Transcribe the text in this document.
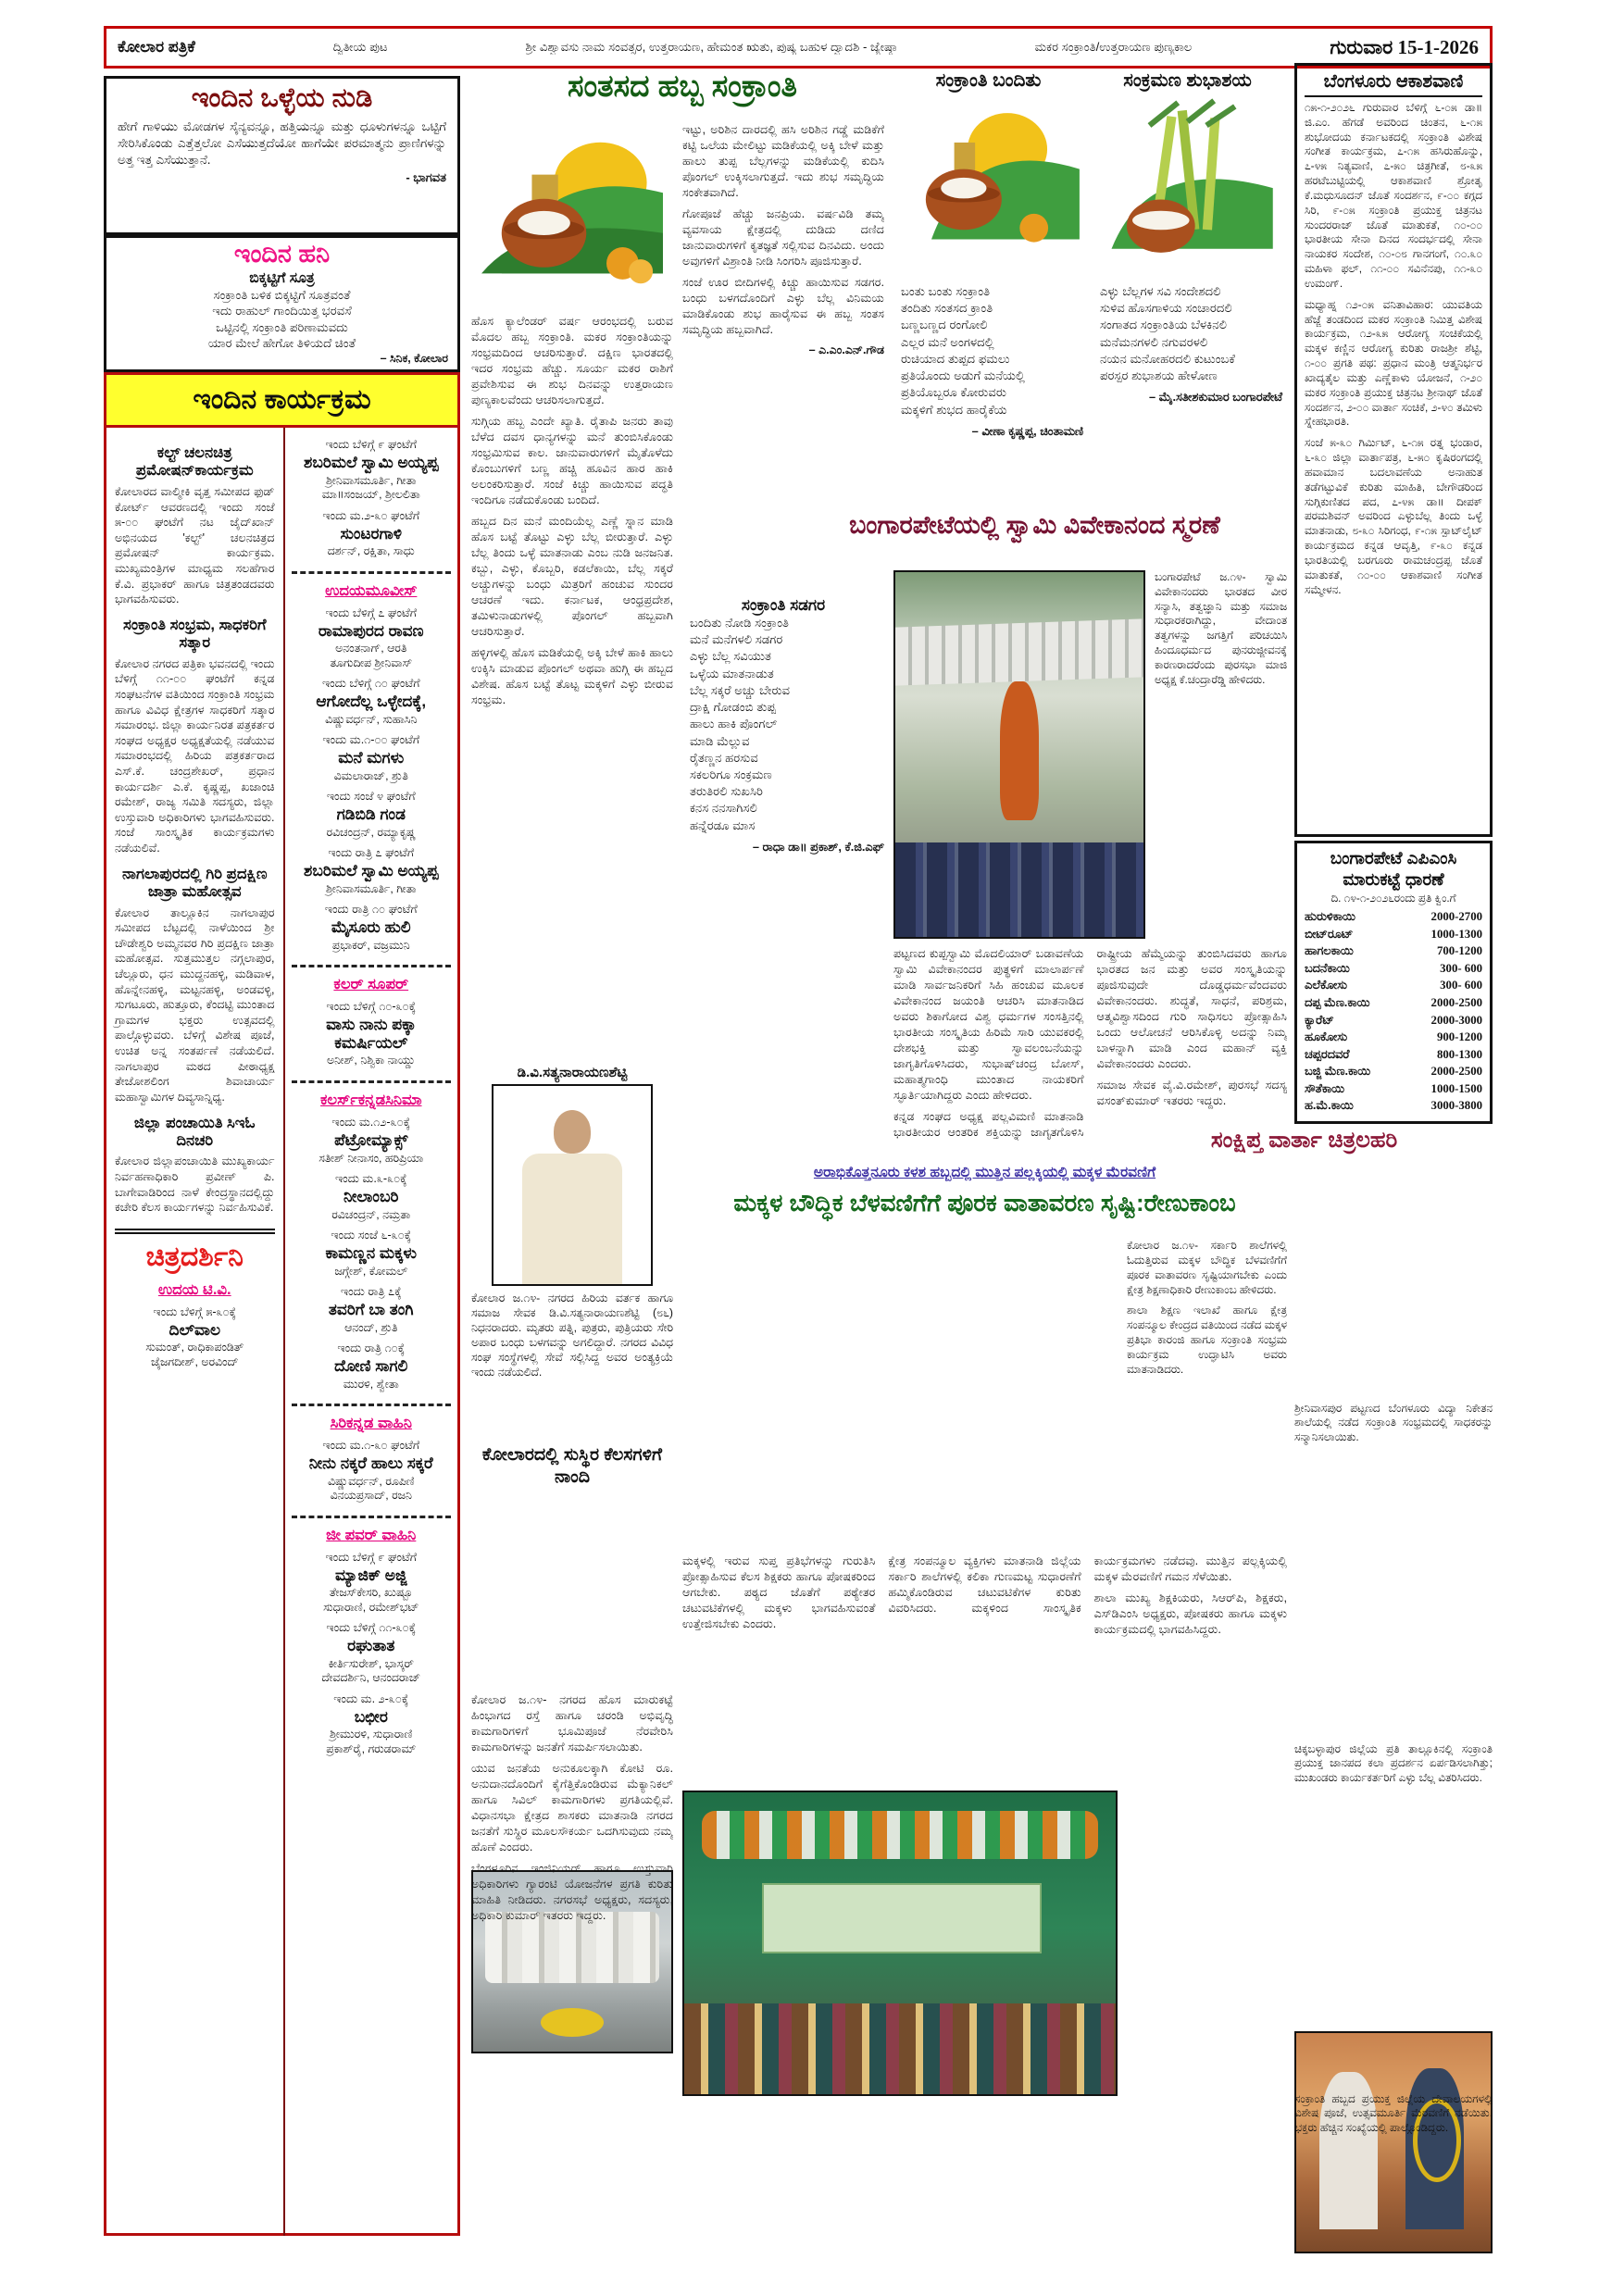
ಕೋಲಾರ ಪತ್ರಿಕೆ	ದ್ವಿತೀಯ ಪುಟ	ಶ್ರೀ ವಿಶ್ವಾವಸು ನಾಮ ಸಂವತ್ಸರ, ಉತ್ತರಾಯಣ, ಹೇಮಂತ ಋತು, ಪುಷ್ಯ ಬಹುಳ ದ್ವಾದಶಿ - ಜ್ಯೇಷ್ಠಾ	ಮಕರ ಸಂಕ್ರಾಂತಿ/ಉತ್ತರಾಯಣ ಪುಣ್ಯಕಾಲ	ಗುರುವಾರ 15-1-2026
ಇಂದಿನ ಒಳ್ಳೆಯ ನುಡಿ
ಹೇಗೆ ಗಾಳಿಯು ಮೋಡಗಳ ಸೈನ್ಯವನ್ನೂ, ಹತ್ತಿಯನ್ನೂ ಮತ್ತು ಧೂಳುಗಳನ್ನೂ ಒಟ್ಟಿಗೆ ಸೇರಿಸಿಕೊಂಡು ಎತ್ತೆತ್ತಲೋ ಎಸೆಯುತ್ತದೆಯೋ ಹಾಗೆಯೇ ಪರಮಾತ್ಮನು ಪ್ರಾಣಿಗಳನ್ನು ಅತ್ತ ಇತ್ತ ಎಸೆಯುತ್ತಾನೆ.
- ಭಾಗವತ
ಇಂದಿನ ಹನಿ
ಬಿಕ್ಕಟ್ಟಿಗೆ ಸೂತ್ರ
ಸಂಕ್ರಾಂತಿ ಬಳಿಕ ಬಿಕ್ಕಟ್ಟಿಗೆ ಸೂತ್ರವಂತೆ
ಇದು ರಾಹುಲ್ ಗಾಂದಿಯಿತ್ತ ಭರವಸೆ
ಒಟ್ಟಿನಲ್ಲಿ ಸಂಕ್ರಾಂತಿ ಪರಿಣಾಮವದು
ಯಾರ ಮೇಲೆ ಹೇಗೋ ತಿಳಿಯದೆ ಚಿಂತೆ
– ಸಿನಿಕ, ಕೋಲಾರ
ಇಂದಿನ ಕಾರ್ಯಕ್ರಮ
ಕಲ್ಟ್ ಚಲನಚಿತ್ರ ಪ್ರಮೋಷನ್‌ಕಾರ್ಯಕ್ರಮ
ಕೋಲಾರದ ವಾಲ್ಮೀಕಿ ವೃತ್ತ ಸಮೀಪದ ಫುಡ್ ಕೋರ್ಟ್ ಆವರಣದಲ್ಲಿ ಇಂದು ಸಂಜೆ ೫-೦೦ ಘಂಟೆಗೆ ನಟ ಜೈದ್‌ಖಾನ್ ಅಭಿನಯದ 'ಕಲ್ಟ್' ಚಲನಚಿತ್ರದ ಪ್ರಮೋಷನ್ ಕಾರ್ಯಕ್ರಮ. ಮುಖ್ಯಮಂತ್ರಿಗಳ ಮಾಧ್ಯಮ ಸಲಹೆಗಾರ ಕೆ.ವಿ. ಪ್ರಭಾಕರ್ ಹಾಗೂ ಚಿತ್ರತಂಡದವರು ಭಾಗವಹಿಸುವರು.
ಸಂಕ್ರಾಂತಿ ಸಂಭ್ರಮ, ಸಾಧಕರಿಗೆ ಸತ್ಕಾರ
ಕೋಲಾರ ನಗರದ ಪತ್ರಿಕಾ ಭವನದಲ್ಲಿ ಇಂದು ಬೆಳಿಗ್ಗೆ ೧೧-೦೦ ಘಂಟೆಗೆ ಕನ್ನಡ ಸಂಘಟನೆಗಳ ವತಿಯಿಂದ ಸಂಕ್ರಾಂತಿ ಸಂಭ್ರಮ ಹಾಗೂ ವಿವಿಧ ಕ್ಷೇತ್ರಗಳ ಸಾಧಕರಿಗೆ ಸತ್ಕಾರ ಸಮಾರಂಭ. ಜಿಲ್ಲಾ ಕಾರ್ಯನಿರತ ಪತ್ರಕರ್ತರ ಸಂಘದ ಅಧ್ಯಕ್ಷರ ಅಧ್ಯಕ್ಷತೆಯಲ್ಲಿ ನಡೆಯುವ ಸಮಾರಂಭದಲ್ಲಿ ಹಿರಿಯ ಪತ್ರಕರ್ತರಾದ ಎಸ್.ಕೆ. ಚಂದ್ರಶೇಖರ್, ಪ್ರಧಾನ ಕಾರ್ಯದರ್ಶಿ ಎ.ಕೆ. ಕೃಷ್ಣಪ್ಪ, ಖಜಾಂಚಿ ರಮೇಶ್, ರಾಜ್ಯ ಸಮಿತಿ ಸದಸ್ಯರು, ಜಿಲ್ಲಾ ಉಸ್ತುವಾರಿ ಅಧಿಕಾರಿಗಳು ಭಾಗವಹಿಸುವರು. ಸಂಜೆ ಸಾಂಸ್ಕೃತಿಕ ಕಾರ್ಯಕ್ರಮಗಳು ನಡೆಯಲಿವೆ.
ನಾಗಲಾಪುರದಲ್ಲಿ ಗಿರಿ ಪ್ರದಕ್ಷಿಣ ಜಾತ್ರಾ ಮಹೋತ್ಸವ
ಕೋಲಾರ ತಾಲ್ಲೂಕಿನ ನಾಗಲಾಪುರ ಸಮೀಪದ ಬೆಟ್ಟದಲ್ಲಿ ನಾಳೆಯಿಂದ ಶ್ರೀ ಚೌಡೇಶ್ವರಿ ಅಮ್ಮನವರ ಗಿರಿ ಪ್ರದಕ್ಷಿಣ ಜಾತ್ರಾ ಮಹೋತ್ಸವ. ಸುತ್ತಮುತ್ತಲ ನಗ್ಗಲಾಪುರ, ಚೆಲ್ಲೂರು, ಧನ ಮುದ್ದನಹಳ್ಳಿ, ಮಡಿವಾಳ, ಹೊನ್ನೇನಹಳ್ಳಿ, ಮಟ್ಟನಹಳ್ಳಿ, ಅಂಡವಳ್ಳಿ, ಸುಗಟೂರು, ಹುತ್ತೂರು, ಕೆಂದಟ್ಟಿ ಮುಂತಾದ ಗ್ರಾಮಗಳ ಭಕ್ತರು ಉತ್ಸವದಲ್ಲಿ ಪಾಲ್ಗೊಳ್ಳುವರು. ಬೆಳಿಗ್ಗೆ ವಿಶೇಷ ಪೂಜೆ, ಉಚಿತ ಅನ್ನ ಸಂತರ್ಪಣೆ ನಡೆಯಲಿದೆ. ನಾಗಲಾಪುರ ಮಠದ ಪೀಠಾಧ್ಯಕ್ಷ ತೇಜೋಶಲಿಂಗ ಶಿವಾಚಾರ್ಯ ಮಹಾಸ್ವಾಮಿಗಳ ದಿವ್ಯಸಾನ್ನಿಧ್ಯ.
ಜಿಲ್ಲಾ ಪಂಚಾಯಿತಿ ಸಿಇಓ ದಿನಚರಿ
ಕೋಲಾರ ಜಿಲ್ಲಾಪಂಚಾಯಿತಿ ಮುಖ್ಯಕಾರ್ಯ ನಿರ್ವಹಣಾಧಿಕಾರಿ ಪ್ರವೀಣ್ ಪಿ. ಬಾಗೇವಾಡಿರಿಂದ ನಾಳೆ ಕೇಂದ್ರಸ್ಥಾನದಲ್ಲಿದ್ದು ಕಚೇರಿ ಕೆಲಸ ಕಾರ್ಯಗಳನ್ನು ನಿರ್ವಹಿಸುವಿಕೆ.
ಚಿತ್ರದರ್ಶಿನಿ
ಉದಯ ಟಿ.ವಿ.
ಇಂದು ಬೆಳಿಗ್ಗೆ ೫-೩೦ಕ್ಕೆ
ದಿಲ್‌ವಾಲ
ಸುಮಂತ್, ರಾಧಿಕಾಪಂಡಿತ್
ಜೈಜಗದೀಶ್, ಅರವಿಂದ್
ಇಂದು ಬೆಳಿಗ್ಗೆ ೯ ಘಂಟೆಗೆ
ಶಬರಿಮಲೆ ಸ್ವಾಮಿ ಅಯ್ಯಪ್ಪ
ಶ್ರೀನಿವಾಸಮೂರ್ತಿ, ಗೀತಾ
ಮಾ॥ಸಂಜಯ್, ಶ್ರೀಲಲಿತಾ
ಇಂದು ಮ.೨-೩೦ ಘಂಟೆಗೆ
ಸುಂಟರಗಾಳಿ
ದರ್ಶನ್, ರಕ್ಷಿತಾ, ಸಾಧು
ಉದಯಮೂವೀಸ್
ಇಂದು ಬೆಳಿಗ್ಗೆ ೭ ಘಂಟೆಗೆ
ರಾಮಾಪುರದ ರಾವಣ
ಅನಂತನಾಗ್, ಆರತಿ
ತೂಗುದೀಪ ಶ್ರೀನಿವಾಸ್
ಇಂದು ಬೆಳಿಗ್ಗೆ ೧೦ ಘಂಟೆಗೆ
ಆಗೋದೆಲ್ಲ ಒಳ್ಳೇದಕ್ಕೆ,
ವಿಷ್ಣುವರ್ಧನ್, ಸುಹಾಸಿನಿ
ಇಂದು ಮ.೧-೦೦ ಘಂಟೆಗೆ
ಮನೆ ಮಗಳು
ವಿಮಲಾರಾಜ್, ಶ್ರುತಿ
ಇಂದು ಸಂಜೆ ೪ ಘಂಟೆಗೆ
ಗಡಿಬಿಡಿ ಗಂಡ
ರವಿಚಂದ್ರನ್, ರಮ್ಯಾಕೃಷ್ಣ
ಇಂದು ರಾತ್ರಿ ೭ ಘಂಟೆಗೆ
ಶಬರಿಮಲೆ ಸ್ವಾಮಿ ಅಯ್ಯಪ್ಪ
ಶ್ರೀನಿವಾಸಮೂರ್ತಿ, ಗೀತಾ
ಇಂದು ರಾತ್ರಿ ೧೦ ಘಂಟೆಗೆ
ಮೈಸೂರು ಹುಲಿ
ಪ್ರಭಾಕರ್, ವಜ್ರಮುನಿ
ಕಲರ್ ಸೂಪರ್
ಇಂದು ಬೆಳಿಗ್ಗೆ ೧೦-೩೦ಕ್ಕೆ
ವಾಸು ನಾನು ಪಕ್ಕಾ ಕಮರ್ಷಿಯಲ್
ಅನೀಶ್, ನಿಶ್ವಿಕಾ ನಾಯ್ಡು
ಕಲರ್ಸ್‌ಕನ್ನಡಸಿನಿಮಾ
ಇಂದು ಮ.೧೨-೩೦ಕ್ಕೆ
ಪೆಟ್ರೋಮ್ಯಾಕ್ಸ್
ಸತೀಶ್ ನೀನಾಸಂ, ಹರಿಪ್ರಿಯಾ
ಇಂದು ಮ.೩-೩೦ಕ್ಕೆ
ನೀಲಾಂಬರಿ
ರವಿಚಂದ್ರನ್, ನಮ್ರತಾ
ಇಂದು ಸಂಜೆ ೬-೩೦ಕ್ಕೆ
ಕಾಮಣ್ಣನ ಮಕ್ಕಳು
ಜಗ್ಗೇಶ್, ಕೋಮಲ್
ಇಂದು ರಾತ್ರಿ ೭ಕ್ಕೆ
ತವರಿಗೆ ಬಾ ತಂಗಿ
ಆನಂದ್, ಶ್ರುತಿ
ಇಂದು ರಾತ್ರಿ ೧೦ಕ್ಕೆ
ದೋಣಿ ಸಾಗಲಿ
ಮುರಳಿ, ಶ್ವೇತಾ
ಸಿರಿಕನ್ನಡ ವಾಹಿನಿ
ಇಂದು ಮ.೧-೩೦ ಘಂಟೆಗೆ
ನೀನು ನಕ್ಕರೆ ಹಾಲು ಸಕ್ಕರೆ
ವಿಷ್ಣುವರ್ಧನ್, ರೂಪಿಣಿ
ವಿನಯಪ್ರಸಾದ್, ರಜನಿ
ಜೀ ಪವರ್ ವಾಹಿನಿ
ಇಂದು ಬೆಳಿಗ್ಗೆ ೯ ಘಂಟೆಗೆ
ಮ್ಯಾಜಿಕ್ ಅಜ್ಜಿ
ತೇಜಸ್‌ಕೇಸರಿ, ಖುಷ್ಬೂ
ಸುಧಾರಾಣಿ, ರಮೇಶ್‌ಭಟ್
ಇಂದು ಬೆಳಿಗ್ಗೆ ೧೧-೩೦ಕ್ಕೆ
ರಘುತಾತ
ಕೀರ್ತಿಸುರೇಶ್, ಭಾಸ್ಕರ್
ದೇವದರ್ಶಿನಿ, ಆನಂದರಾಜ್
ಇಂದು ಮ. ೨-೩೦ಕ್ಕೆ
ಬಛೀರ
ಶ್ರೀಮುರಳಿ, ಸುಧಾರಾಣಿ
ಪ್ರಕಾಶ್‌ರೈ, ಗರುಡರಾಮ್
ಸಂತಸದ ಹಬ್ಬ ಸಂಕ್ರಾಂತಿ

ಹೊಸ ಕ್ಯಾಲೆಂಡರ್ ವರ್ಷ ಆರಂಭದಲ್ಲಿ ಬರುವ ಮೊದಲ ಹಬ್ಬ ಸಂಕ್ರಾಂತಿ. ಮಕರ ಸಂಕ್ರಾಂತಿಯನ್ನು ಸಂಭ್ರಮದಿಂದ ಆಚರಿಸುತ್ತಾರೆ. ದಕ್ಷಿಣ ಭಾರತದಲ್ಲಿ ಇದರ ಸಂಭ್ರಮ ಹೆಚ್ಚು. ಸೂರ್ಯ ಮಕರ ರಾಶಿಗೆ ಪ್ರವೇಶಿಸುವ ಈ ಶುಭ ದಿನವನ್ನು ಉತ್ತರಾಯಣ ಪುಣ್ಯಕಾಲವೆಂದು ಆಚರಿಸಲಾಗುತ್ತದೆ.

ಸುಗ್ಗಿಯ ಹಬ್ಬ ಎಂದೇ ಖ್ಯಾತಿ. ರೈತಾಪಿ ಜನರು ತಾವು ಬೆಳೆದ ದವಸ ಧಾನ್ಯಗಳನ್ನು ಮನೆ ತುಂಬಿಸಿಕೊಂಡು ಸಂಭ್ರಮಿಸುವ ಕಾಲ. ಜಾನುವಾರುಗಳಿಗೆ ಮೈತೊಳೆದು ಕೊಂಬುಗಳಿಗೆ ಬಣ್ಣ ಹಚ್ಚಿ ಹೂವಿನ ಹಾರ ಹಾಕಿ ಅಲಂಕರಿಸುತ್ತಾರೆ. ಸಂಜೆ ಕಿಚ್ಚು ಹಾಯಿಸುವ ಪದ್ಧತಿ ಇಂದಿಗೂ ನಡೆದುಕೊಂಡು ಬಂದಿದೆ.

ಹಬ್ಬದ ದಿನ ಮನೆ ಮಂದಿಯೆಲ್ಲ ಎಣ್ಣೆ ಸ್ನಾನ ಮಾಡಿ ಹೊಸ ಬಟ್ಟೆ ತೊಟ್ಟು ಎಳ್ಳು ಬೆಲ್ಲ ಬೀರುತ್ತಾರೆ. ಎಳ್ಳು ಬೆಲ್ಲ ತಿಂದು ಒಳ್ಳೆ ಮಾತನಾಡು ಎಂಬ ನುಡಿ ಜನಜನಿತ. ಕಬ್ಬು, ಎಳ್ಳು, ಕೊಬ್ಬರಿ, ಕಡಲೆಕಾಯಿ, ಬೆಲ್ಲ ಸಕ್ಕರೆ ಅಚ್ಚುಗಳನ್ನು ಬಂಧು ಮಿತ್ರರಿಗೆ ಹಂಚುವ ಸುಂದರ ಆಚರಣೆ ಇದು. ಕರ್ನಾಟಕ, ಆಂಧ್ರಪ್ರದೇಶ, ತಮಿಳುನಾಡುಗಳಲ್ಲಿ ಪೊಂಗಲ್ ಹಬ್ಬವಾಗಿ ಆಚರಿಸುತ್ತಾರೆ.

ಹಳ್ಳಿಗಳಲ್ಲಿ ಹೊಸ ಮಡಿಕೆಯಲ್ಲಿ ಅಕ್ಕಿ ಬೇಳೆ ಹಾಕಿ ಹಾಲು ಉಕ್ಕಿಸಿ ಮಾಡುವ ಪೊಂಗಲ್ ಅಥವಾ ಹುಗ್ಗಿ ಈ ಹಬ್ಬದ ವಿಶೇಷ. ಹೊಸ ಬಟ್ಟೆ ತೊಟ್ಟ ಮಕ್ಕಳಿಗೆ ಎಳ್ಳು ಬೀರುವ ಸಂಭ್ರಮ.

ಇಟ್ಟು, ಅರಿಶಿನ ದಾರದಲ್ಲಿ ಹಸಿ ಅರಿಶಿನ ಗಡ್ಡೆ ಮಡಿಕೆಗೆ ಕಟ್ಟಿ ಒಲೆಯ ಮೇಲಿಟ್ಟು ಮಡಿಕೆಯಲ್ಲಿ ಅಕ್ಕಿ ಬೇಳೆ ಮತ್ತು ಹಾಲು ತುಪ್ಪ ಬೆಲ್ಲಗಳನ್ನು ಮಡಿಕೆಯಲ್ಲಿ ಕುದಿಸಿ ಪೊಂಗಲ್ ಉಕ್ಕಿಸಲಾಗುತ್ತದೆ. ಇದು ಶುಭ ಸಮೃದ್ಧಿಯ ಸಂಕೇತವಾಗಿದೆ.

ಗೋಪೂಜೆ ಹೆಚ್ಚು ಜನಪ್ರಿಯ. ವರ್ಷವಿಡಿ ತಮ್ಮ ವ್ಯವಸಾಯ ಕ್ಷೇತ್ರದಲ್ಲಿ ದುಡಿದು ದಣಿದ ಜಾನುವಾರುಗಳಿಗೆ ಕೃತಜ್ಞತೆ ಸಲ್ಲಿಸುವ ದಿನವಿದು. ಅಂದು ಅವುಗಳಿಗೆ ವಿಶ್ರಾಂತಿ ನೀಡಿ ಸಿಂಗರಿಸಿ ಪೂಜಿಸುತ್ತಾರೆ.

ಸಂಜೆ ಊರ ಬೀದಿಗಳಲ್ಲಿ ಕಿಚ್ಚು ಹಾಯಿಸುವ ಸಡಗರ. ಬಂಧು ಬಳಗದೊಂದಿಗೆ ಎಳ್ಳು ಬೆಲ್ಲ ವಿನಿಮಯ ಮಾಡಿಕೊಂಡು ಶುಭ ಹಾರೈಸುವ ಈ ಹಬ್ಬ ಸಂತಸ ಸಮೃದ್ಧಿಯ ಹಬ್ಬವಾಗಿದೆ.

– ಎ.ಎಂ.ಎನ್.ಗೌಡ
ಸಂಕ್ರಾಂತಿ ಸಡಗರ
ಬಂದಿತು ನೋಡಿ ಸಂಕ್ರಾಂತಿ
ಮನೆ ಮನೆಗಳಲಿ ಸಡಗರ
ಎಳ್ಳು ಬೆಲ್ಲ ಸವಿಯುತ
ಒಳ್ಳೆಯ ಮಾತನಾಡುತ
ಬೆಲ್ಲ ಸಕ್ಕರೆ ಅಚ್ಚು ಬೇರುವ
ದ್ರಾಕ್ಷಿ ಗೋಡಂಬಿ ತುಪ್ಪ
ಹಾಲು ಹಾಕಿ ಪೊಂಗಲ್
ಮಾಡಿ ಮೆಲ್ಲುವ
ರೈತಣ್ಣನ ಹರಸುವ
ಸಕಲರಿಗೂ ಸಂಕ್ರಮಣ
ತರುತಿರಲಿ ಸುಖಸಿರಿ
ಕನಸ ನನಸಾಗಿಸಲಿ
ಹನ್ನೆರಡೂ ಮಾಸ
– ರಾಧಾ ಡಾ॥ ಪ್ರಕಾಶ್, ಕೆ.ಜಿ.ಎಫ್
ಸಂಕ್ರಾಂತಿ ಬಂದಿತು
ಬಂತು ಬಂತು ಸಂಕ್ರಾಂತಿ
ತಂದಿತು ಸಂತಸದ ಕ್ರಾಂತಿ
ಬಣ್ಣಬಣ್ಣದ ರಂಗೋಲಿ
ಎಲ್ಲರ ಮನೆ ಅಂಗಳದಲ್ಲಿ
ರುಚಿಯಾದ ತುಪ್ಪದ ಫಮಲು
ಪ್ರತಿಯೊಂದು ಅಡುಗೆ ಮನೆಯಲ್ಲಿ
ಪ್ರತಿಯೊಬ್ಬರೂ ಕೋರುವರು
ಮಕ್ಕಳಿಗೆ ಶುಭದ ಹಾರೈಕೆಯ
– ವೀಣಾ ಕೃಷ್ಣಪ್ಪ, ಚಿಂತಾಮಣಿ
ಸಂಕ್ರಮಣ ಶುಭಾಶಯ
ಎಳ್ಳು ಬೆಲ್ಲಗಳ ಸವಿ ಸಂದೇಶದಲಿ
ಸುಳಿವ ಹೊಸಗಾಳಿಯ ಸಂಚಾರದಲಿ
ಸಂಗಾತದ ಸಂಕ್ರಾಂತಿಯ ಬೆಳಕಿನಲಿ
ಮನೆಮನಗಳಲಿ ನಗುವರಳಲಿ
ನಯನ ಮನೋಹರದಲಿ ಕುಟುಂಬಕೆ
ಪರಸ್ಪರ ಶುಭಾಶಯ ಹೇಳೋಣ
– ಮೈ.ಸತೀಶಕುಮಾರ ಬಂಗಾರಪೇಟೆ
ಬಂಗಾರಪೇಟೆಯಲ್ಲಿ ಸ್ವಾಮಿ ವಿವೇಕಾನಂದ ಸ್ಮರಣೆ

ಬಂಗಾರಪೇಟೆ ಜ.೧೪- ಸ್ವಾಮಿ ವಿವೇಕಾನಂದರು ಭಾರತದ ವೀರ ಸನ್ಯಾಸಿ, ತತ್ವಜ್ಞಾನಿ ಮತ್ತು ಸಮಾಜ ಸುಧಾರಕರಾಗಿದ್ದು, ವೇದಾಂತ ತತ್ವಗಳನ್ನು ಜಗತ್ತಿಗೆ ಪರಿಚಯಿಸಿ ಹಿಂದೂಧರ್ಮದ ಪುನರುಜ್ಜೀವನಕ್ಕೆ ಕಾರಣರಾದರೆಂದು ಪುರಸಭಾ ಮಾಜಿ ಅಧ್ಯಕ್ಷ ಕೆ.ಚಂದ್ರಾರೆಡ್ಡಿ ಹೇಳಿದರು.

ಪಟ್ಟಣದ ಕುಪ್ಪಸ್ವಾಮಿ ಮೊದಲಿಯಾರ್ ಬಡಾವಣೆಯ ಸ್ವಾಮಿ ವಿವೇಕಾನಂದರ ಪುತ್ಥಳಿಗೆ ಮಾಲಾರ್ಪಣೆ ಮಾಡಿ ಸಾರ್ವಜನಿಕರಿಗೆ ಸಿಹಿ ಹಂಚುವ ಮೂಲಕ ವಿವೇಕಾನಂದ ಜಯಂತಿ ಆಚರಿಸಿ ಮಾತನಾಡಿದ ಅವರು ಶಿಕಾಗೋದ ವಿಶ್ವ ಧರ್ಮಗಳ ಸಂಸತ್ತಿನಲ್ಲಿ ಭಾರತೀಯ ಸಂಸ್ಕೃತಿಯ ಹಿರಿಮೆ ಸಾರಿ ಯುವಕರಲ್ಲಿ ದೇಶಭಕ್ತಿ ಮತ್ತು ಸ್ವಾವಲಂಬನೆಯನ್ನು ಜಾಗೃತಿಗೊಳಿಸಿದರು, ಸುಭಾಷ್‌ಚಂದ್ರ ಬೋಸ್, ಮಹಾತ್ಮಗಾಂಧಿ ಮುಂತಾದ ನಾಯಕರಿಗೆ ಸ್ಫೂರ್ತಿಯಾಗಿದ್ದರು ಎಂದು ಹೇಳಿದರು.

ಕನ್ನಡ ಸಂಘದ ಅಧ್ಯಕ್ಷ ಪಲ್ಲವಿಮಣಿ ಮಾತನಾಡಿ ಭಾರತೀಯರ ಆಂತರಿಕ ಶಕ್ತಿಯನ್ನು ಜಾಗೃತಗೊಳಿಸಿ ರಾಷ್ಟ್ರೀಯ ಹೆಮ್ಮೆಯನ್ನು ತುಂಬಿಸಿದವರು ಹಾಗೂ ಭಾರತದ ಜನ ಮತ್ತು ಅವರ ಸಂಸ್ಕೃತಿಯನ್ನು ಪೂಜಿಸುವುದೇ ದೊಡ್ಡಧರ್ಮವೆಂದವರು ವಿವೇಕಾನಂದರು. ಶುದ್ಧತೆ, ಸಾಧನೆ, ಪರಿಶ್ರಮ, ಆತ್ಮವಿಶ್ವಾಸದಿಂದ ಗುರಿ ಸಾಧಿಸಲು ಪ್ರೋತ್ಸಾಹಿಸಿ ಒಂದು ಆಲೋಚನೆ ಆರಿಸಿಕೊಳ್ಳಿ ಅದನ್ನು ನಿಮ್ಮ ಬಾಳನ್ನಾಗಿ ಮಾಡಿ ಎಂದ ಮಹಾನ್ ವ್ಯಕ್ತಿ ವಿವೇಕಾನಂದರು ಎಂದರು.

ಸಮಾಜ ಸೇವಕ ವೈ.ವಿ.ರಮೇಶ್, ಪುರಸಭೆ ಸದಸ್ಯ ವಸಂತ್‌ಕುಮಾರ್ ಇತರರು ಇದ್ದರು.

ಡಿ.ವಿ.ಸತ್ಯನಾರಾಯಣಶೆಟ್ಟಿ
ಕೋಲಾರ ಜ.೧೪- ನಗರದ ಹಿರಿಯ ವರ್ತಕ ಹಾಗೂ ಸಮಾಜ ಸೇವಕ ಡಿ.ವಿ.ಸತ್ಯನಾರಾಯಣಶೆಟ್ಟಿ (೮೬) ನಿಧನರಾದರು. ಮೃತರು ಪತ್ನಿ, ಪುತ್ರರು, ಪುತ್ರಿಯರು ಸೇರಿ ಅಪಾರ ಬಂಧು ಬಳಗವನ್ನು ಅಗಲಿದ್ದಾರೆ. ನಗರದ ವಿವಿಧ ಸಂಘ ಸಂಸ್ಥೆಗಳಲ್ಲಿ ಸೇವೆ ಸಲ್ಲಿಸಿದ್ದ ಅವರ ಅಂತ್ಯಕ್ರಿಯೆ ಇಂದು ನಡೆಯಲಿದೆ.
ಕೋಲಾರದಲ್ಲಿ ಸುಸ್ಥಿರ ಕೆಲಸಗಳಿಗೆ ನಾಂದಿ

ಕೋಲಾರ ಜ.೧೪- ನಗರದ ಹೊಸ ಮಾರುಕಟ್ಟೆ ಹಿಂಭಾಗದ ರಸ್ತೆ ಹಾಗೂ ಚರಂಡಿ ಅಭಿವೃದ್ಧಿ ಕಾಮಗಾರಿಗಳಿಗೆ ಭೂಮಿಪೂಜೆ ನೆರವೇರಿಸಿ ಕಾಮಗಾರಿಗಳನ್ನು ಜನತೆಗೆ ಸಮರ್ಪಿಸಲಾಯಿತು.

ಯುವ ಜನತೆಯ ಅನುಕೂಲಕ್ಕಾಗಿ ಕೋಟಿ ರೂ. ಅನುದಾನದೊಂದಿಗೆ ಕೈಗೆತ್ತಿಕೊಂಡಿರುವ ಮೆಕ್ಯಾನಿಕಲ್ ಹಾಗೂ ಸಿವಿಲ್ ಕಾಮಗಾರಿಗಳು ಪ್ರಗತಿಯಲ್ಲಿವೆ. ವಿಧಾನಸಭಾ ಕ್ಷೇತ್ರದ ಶಾಸಕರು ಮಾತನಾಡಿ ನಗರದ ಜನತೆಗೆ ಸುಸ್ಥಿರ ಮೂಲಸೌಕರ್ಯ ಒದಗಿಸುವುದು ನಮ್ಮ ಹೊಣೆ ಎಂದರು.

ಬೆಂಗಳೂರಿನ ಇಂಜಿನಿಯರ್ ಹಾಗೂ ಉಸ್ತುವಾರಿ ಅಧಿಕಾರಿಗಳು ಗ್ಯಾರಂಟಿ ಯೋಜನೆಗಳ ಪ್ರಗತಿ ಕುರಿತು ಮಾಹಿತಿ ನೀಡಿದರು. ನಗರಸಭೆ ಅಧ್ಯಕ್ಷರು, ಸದಸ್ಯರು, ಅಧಿಕಾರಿ ಕುಮಾರ್ ಇತರರು ಇದ್ದರು.

ಅರಾಭಿಕೊತ್ತನೂರು ಕಳಶ ಹಬ್ಬದಲ್ಲಿ ಮುತ್ತಿನ ಪಲ್ಲಕ್ಕಿಯಲ್ಲಿ ಮಕ್ಕಳ ಮೆರವಣಿಗೆ
ಮಕ್ಕಳ ಬೌದ್ಧಿಕ ಬೆಳವಣಿಗೆಗೆ ಪೂರಕ ವಾತಾವರಣ ಸೃಷ್ಟಿ:ರೇಣುಕಾಂಬ

ಕೋಲಾರ ಜ.೧೪- ಸರ್ಕಾರಿ ಶಾಲೆಗಳಲ್ಲಿ ಓದುತ್ತಿರುವ ಮಕ್ಕಳ ಬೌದ್ಧಿಕ ಬೆಳವಣಿಗೆಗೆ ಪೂರಕ ವಾತಾವರಣ ಸೃಷ್ಟಿಯಾಗಬೇಕು ಎಂದು ಕ್ಷೇತ್ರ ಶಿಕ್ಷಣಾಧಿಕಾರಿ ರೇಣುಕಾಂಬ ಹೇಳಿದರು.

ಶಾಲಾ ಶಿಕ್ಷಣ ಇಲಾಖೆ ಹಾಗೂ ಕ್ಷೇತ್ರ ಸಂಪನ್ಮೂಲ ಕೇಂದ್ರದ ವತಿಯಿಂದ ನಡೆದ ಮಕ್ಕಳ ಪ್ರತಿಭಾ ಕಾರಂಜಿ ಹಾಗೂ ಸಂಕ್ರಾಂತಿ ಸಂಭ್ರಮ ಕಾರ್ಯಕ್ರಮ ಉದ್ಘಾಟಿಸಿ ಅವರು ಮಾತನಾಡಿದರು.

ಮಕ್ಕಳಲ್ಲಿ ಇರುವ ಸುಪ್ತ ಪ್ರತಿಭೆಗಳನ್ನು ಗುರುತಿಸಿ ಪ್ರೋತ್ಸಾಹಿಸುವ ಕೆಲಸ ಶಿಕ್ಷಕರು ಹಾಗೂ ಪೋಷಕರಿಂದ ಆಗಬೇಕು. ಪಠ್ಯದ ಜೊತೆಗೆ ಪಠ್ಯೇತರ ಚಟುವಟಿಕೆಗಳಲ್ಲಿ ಮಕ್ಕಳು ಭಾಗವಹಿಸುವಂತೆ ಉತ್ತೇಜಿಸಬೇಕು ಎಂದರು.

ಕ್ಷೇತ್ರ ಸಂಪನ್ಮೂಲ ವ್ಯಕ್ತಿಗಳು ಮಾತನಾಡಿ ಜಿಲ್ಲೆಯ ಸರ್ಕಾರಿ ಶಾಲೆಗಳಲ್ಲಿ ಕಲಿಕಾ ಗುಣಮಟ್ಟ ಸುಧಾರಣೆಗೆ ಹಮ್ಮಿಕೊಂಡಿರುವ ಚಟುವಟಿಕೆಗಳ ಕುರಿತು ವಿವರಿಸಿದರು. ಮಕ್ಕಳಿಂದ ಸಾಂಸ್ಕೃತಿಕ ಕಾರ್ಯಕ್ರಮಗಳು ನಡೆದವು. ಮುತ್ತಿನ ಪಲ್ಲಕ್ಕಿಯಲ್ಲಿ ಮಕ್ಕಳ ಮೆರವಣಿಗೆ ಗಮನ ಸೆಳೆಯಿತು.

ಶಾಲಾ ಮುಖ್ಯ ಶಿಕ್ಷಕಿಯರು, ಸಿಆರ್‌ಪಿ, ಶಿಕ್ಷಕರು, ಎಸ್‌ಡಿಎಂಸಿ ಅಧ್ಯಕ್ಷರು, ಪೋಷಕರು ಹಾಗೂ ಮಕ್ಕಳು ಕಾರ್ಯಕ್ರಮದಲ್ಲಿ ಭಾಗವಹಿಸಿದ್ದರು.

ಬೆಂಗಳೂರು ಆಕಾಶವಾಣಿ

೧೫-೧-೨೦೨೬ ಗುರುವಾರ ಬೆಳಿಗ್ಗೆ ೬-೦೫ ಡಾ॥ ಜಿ.ಎಂ. ಹೆಗಡೆ ಅವರಿಂದ ಚಿಂತನ, ೬-೧೫ ಶುಭೋದಯ ಕರ್ನಾಟಕದಲ್ಲಿ ಸಂಕ್ರಾಂತಿ ವಿಶೇಷ ಸಂಗೀತ ಕಾರ್ಯಕ್ರಮ, ೭-೧೫ ಹಸಿರುಹೊನ್ನು, ೭-೪೫ ನಿತ್ಯವಾಣಿ, ೭-೫೦ ಚಿತ್ರಗೀತೆ, ೮-೩೫ ಹರಟೆಬುಟ್ಟಿಯಲ್ಲಿ ಆಕಾಶವಾಣಿ ಶ್ರೋತೃ ಕೆ.ಮಧುಸೂದನ್ ಜೊತೆ ಸಂದರ್ಶನ, ೯-೦೦ ಕಗ್ಗದ ಸಿರಿ, ೯-೦೫ ಸಂಕ್ರಾಂತಿ ಪ್ರಯುಕ್ತ ಚಿತ್ರನಟ ಸುಂದರರಾಜ್ ಜೊತೆ ಮಾತುಕತೆ, ೧೦-೦೦ ಭಾರತೀಯ ಸೇನಾ ದಿನದ ಸಂದರ್ಭದಲ್ಲಿ ಸೇನಾ ನಾಯಕರ ಸಂದೇಶ, ೧೦-೦೮ ಗಾನಗಂಗೆ, ೧೦.೩೦ ಮಹಿಳಾ ಫಲ್, ೧೧-೦೦ ಸವಿನೆನಪು, ೧೧-೩೦ ಉಮಂಗ್.

ಮಧ್ಯಾಹ್ನ ೧೨-೦೫ ವನಿತಾವಿಹಾರ: ಯುವತಿಯ ಹೆಜ್ಜೆ ತಂಡದಿಂದ ಮಕರ ಸಂಕ್ರಾಂತಿ ನಿಮಿತ್ತ ವಿಶೇಷ ಕಾರ್ಯಕ್ರಮ, ೧೨-೩೫ ಆರೋಗ್ಯ ಸಂಚಿಕೆಯಲ್ಲಿ ಮಕ್ಕಳ ಕಣ್ಣಿನ ಆರೋಗ್ಯ ಕುರಿತು ರಾಜಶ್ರೀ ಶೆಟ್ಟಿ, ೧-೦೦ ಪ್ರಗತಿ ಪಥ: ಪ್ರಧಾನ ಮಂತ್ರಿ ಆತ್ಮನಿರ್ಭರ ಖಾದ್ಯತೈಲ ಮತ್ತು ಎಣ್ಣೆಕಾಳು ಯೋಜನೆ, ೧-೨೦ ಮಕರ ಸಂಕ್ರಾಂತಿ ಪ್ರಯುಕ್ತ ಚಿತ್ರನಟ ಶ್ರೀನಾಥ್ ಜೊತೆ ಸಂದರ್ಶನ, ೨-೦೦ ವಾರ್ತಾ ಸಂಚಿಕೆ, ೨-೪೦ ತಮಿಳು ಸ್ನೇಹಭಾರತಿ.

ಸಂಜೆ ೫-೩೦ ಗಿರ್ಮಿಟ್, ೬-೧೫ ರತ್ನ ಭಂಡಾರ, ೬-೩೦ ಜಿಲ್ಲಾ ವಾರ್ತಾಪತ್ರ, ೬-೫೦ ಕೃಷಿರಂಗದಲ್ಲಿ ಹವಾಮಾನ ಬದಲಾವಣೆಯ ಅನಾಹುತ ತಡೆಗಟ್ಟುವಿಕೆ ಕುರಿತು ಮಾಹಿತಿ, ಬೇಗೌಡರಿಂದ ಸುಗ್ಗಿಕುಣಿತದ ಪದ, ೭-೪೫ ಡಾ॥ ದೀಪಕ್ ಪರಮಶಿವನ್ ಅವರಿಂದ ಎಳ್ಳುಬೆಲ್ಲ ತಿಂದು ಒಳ್ಳೆ ಮಾತನಾಡು, ೮-೩೦ ಸಿರಿಗಂಧ, ೯-೧೫ ಸ್ಪಾಟ್‌ಲೈಟ್ ಕಾರ್ಯಕ್ರಮದ ಕನ್ನಡ ಆವೃತ್ತಿ, ೯-೩೦ ಕನ್ನಡ ಭಾರತಿಯಲ್ಲಿ ಬರಗೂರು ರಾಮಚಂದ್ರಪ್ಪ ಜೊತೆ ಮಾತುಕತೆ, ೧೦-೦೦ ಆಕಾಶವಾಣಿ ಸಂಗೀತ ಸಮ್ಮೇಳನ.

ಬಂಗಾರಪೇಟೆ ಎಪಿಎಂಸಿ
ಮಾರುಕಟ್ಟೆ ಧಾರಣೆ
ದಿ. ೧೪-೧-೨೦೨೬ರಂದು ಪ್ರತಿ ಕ್ವಿಂ.ಗೆ
ಹುರುಳಿಕಾಯಿ	2000-2700
ಬೀಟ್‌ರೂಟ್	1000-1300
ಹಾಗಲಕಾಯಿ	700-1200
ಬದನೆಕಾಯಿ	300- 600
ಎಲೆಕೋಸು	300- 600
ದಪ್ಪ ಮೆಣ.ಕಾಯಿ	2000-2500
ಕ್ಯಾರೆಟ್	2000-3000
ಹೂಕೋಸು	900-1200
ಚಪ್ಪರದವರೆ	800-1300
ಬಜ್ಜಿ ಮೆಣ.ಕಾಯಿ	2000-2500
ಸೌತೆಕಾಯಿ	1000-1500
ಹ.ಮೆ.ಕಾಯಿ	3000-3800
ಸಂಕ್ಷಿಪ್ತ ವಾರ್ತಾ ಚಿತ್ರಲಹರಿ
ಶ್ರೀನಿವಾಸಪುರ ಪಟ್ಟಣದ ಬೆಂಗಳೂರು ವಿದ್ಯಾ ನಿಕೇತನ ಶಾಲೆಯಲ್ಲಿ ನಡೆದ ಸಂಕ್ರಾಂತಿ ಸಂಭ್ರಮದಲ್ಲಿ ಸಾಧಕರನ್ನು ಸನ್ಮಾನಿಸಲಾಯಿತು.
ಚಿಕ್ಕಬಳ್ಳಾಪುರ ಜಿಲ್ಲೆಯ ಪ್ರತಿ ತಾಲ್ಲೂಕಿನಲ್ಲಿ ಸಂಕ್ರಾಂತಿ ಪ್ರಯುಕ್ತ ಜಾನಪದ ಕಲಾ ಪ್ರದರ್ಶನ ಏರ್ಪಡಿಸಲಾಗಿತ್ತು; ಮುಖಂಡರು ಕಾರ್ಯಕರ್ತರಿಗೆ ಎಳ್ಳು ಬೆಲ್ಲ ವಿತರಿಸಿದರು.
ಸಂಕ್ರಾಂತಿ ಹಬ್ಬದ ಪ್ರಯುಕ್ತ ಜಿಲ್ಲೆಯ ದೇವಾಲಯಗಳಲ್ಲಿ ವಿಶೇಷ ಪೂಜೆ, ಉತ್ಸವಮೂರ್ತಿ ಮೆರವಣಿಗೆ ನಡೆಯಿತು. ಭಕ್ತರು ಹೆಚ್ಚಿನ ಸಂಖ್ಯೆಯಲ್ಲಿ ಪಾಲ್ಗೊಂಡಿದ್ದರು.
